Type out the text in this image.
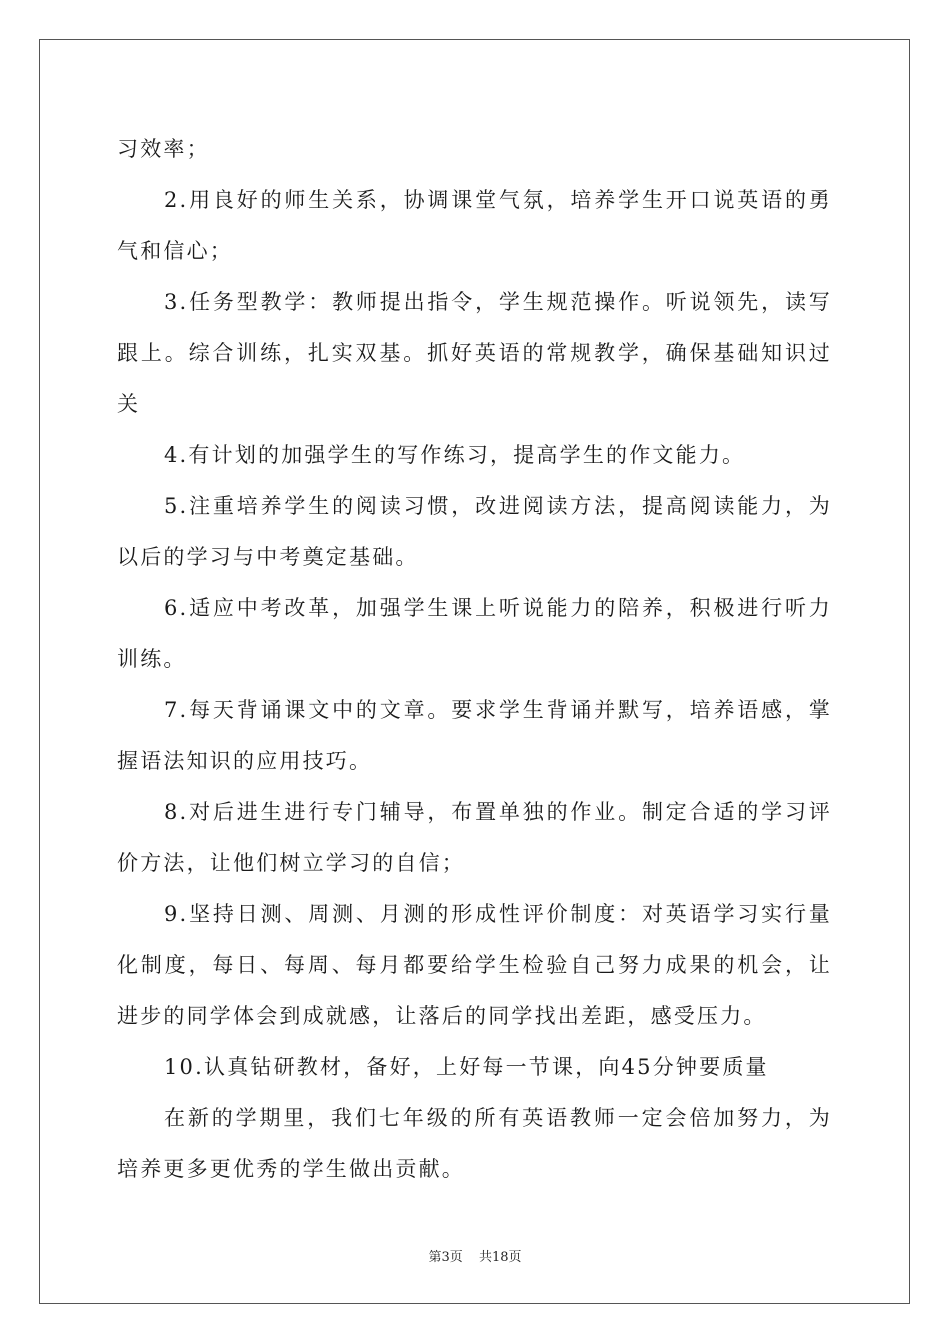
习效率；

2.用良好的师生关系，协调课堂气氛，培养学生开口说英语的勇气和信心；

3.任务型教学：教师提出指令，学生规范操作。听说领先，读写跟上。综合训练，扎实双基。抓好英语的常规教学，确保基础知识过关

4.有计划的加强学生的写作练习，提高学生的作文能力。

5.注重培养学生的阅读习惯，改进阅读方法，提高阅读能力，为以后的学习与中考奠定基础。

6.适应中考改革，加强学生课上听说能力的陪养，积极进行听力训练。

7.每天背诵课文中的文章。要求学生背诵并默写，培养语感，掌握语法知识的应用技巧。

8.对后进生进行专门辅导，布置单独的作业。制定合适的学习评价方法，让他们树立学习的自信；

9.坚持日测、周测、月测的形成性评价制度：对英语学习实行量化制度，每日、每周、每月都要给学生检验自己努力成果的机会，让进步的同学体会到成就感，让落后的同学找出差距，感受压力。

10.认真钻研教材，备好，上好每一节课，向45分钟要质量

在新的学期里，我们七年级的所有英语教师一定会倍加努力，为培养更多更优秀的学生做出贡献。

第3页 共18页
